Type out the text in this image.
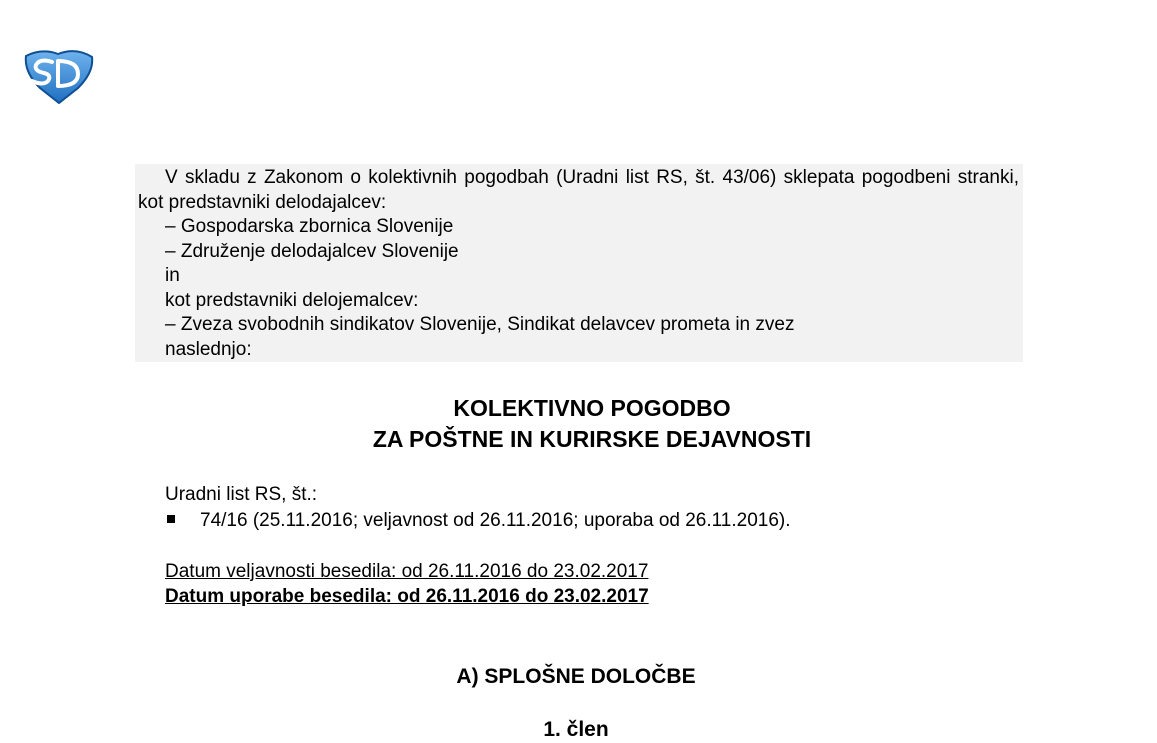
V skladu z Zakonom o kolektivnih pogodbah (Uradni list RS, št. 43/06) sklepata pogodbeni stranki, kot predstavniki delodajalcev:

– Gospodarska zbornica Slovenije
– Združenje delodajalcev Slovenije
in
kot predstavniki delojemalcev:
– Zveza svobodnih sindikatov Slovenije, Sindikat delavcev prometa in zvez
naslednjo:
KOLEKTIVNO POGODBO
ZA POŠTNE IN KURIRSKE DEJAVNOSTI
Uradni list RS, št.:
74/16 (25.11.2016; veljavnost od 26.11.2016; uporaba od 26.11.2016).
Datum veljavnosti besedila: od 26.11.2016 do 23.02.2017
Datum uporabe besedila: od 26.11.2016 do 23.02.2017
A) SPLOŠNE DOLOČBE
1. člen
